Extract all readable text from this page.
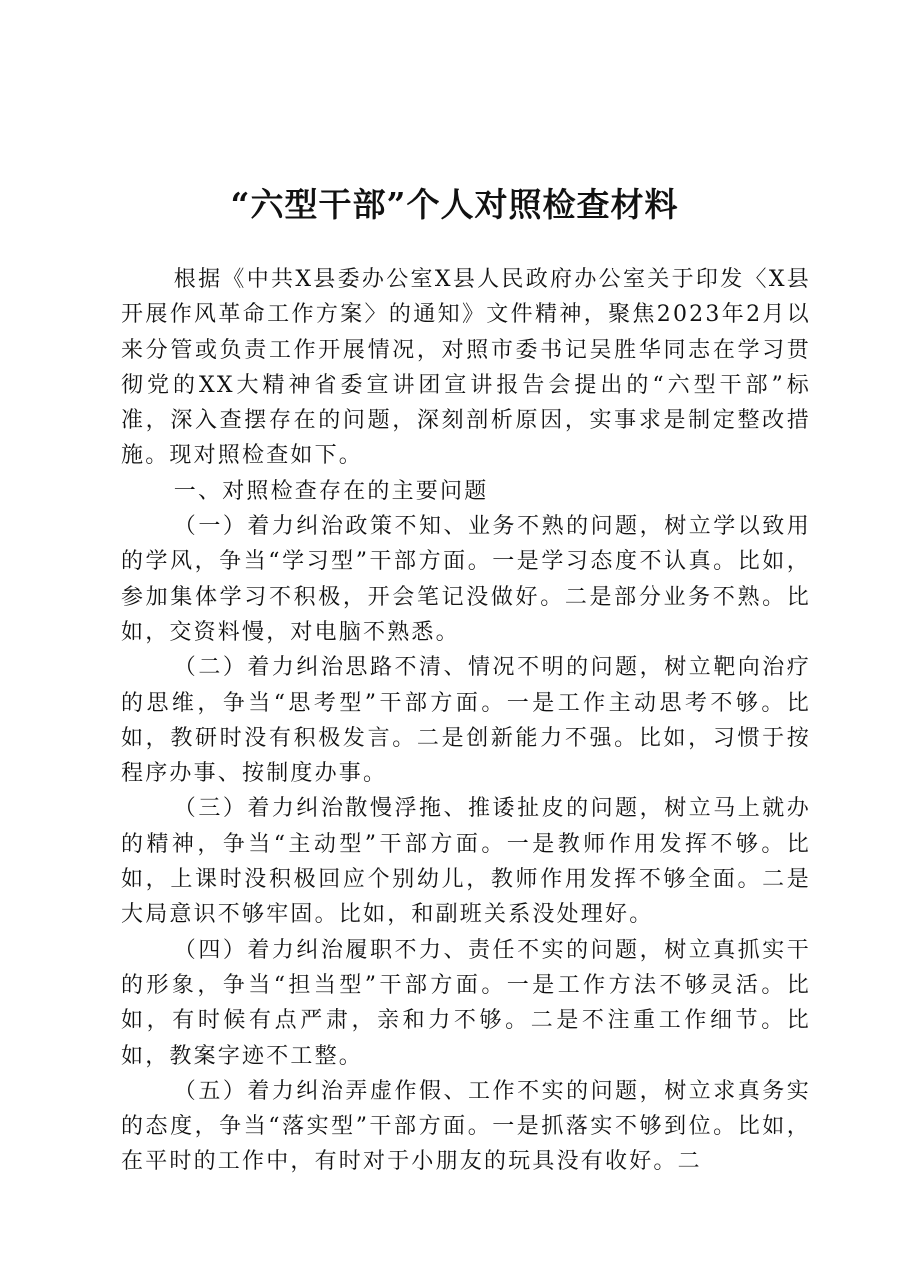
“六型干部”个人对照检查材料

根据《中共X县委办公室X县人民政府办公室关于印发〈X县开展作风革命工作方案〉的通知》文件精神，聚焦2023年2月以来分管或负责工作开展情况，对照市委书记吴胜华同志在学习贯彻党的XX大精神省委宣讲团宣讲报告会提出的“六型干部”标准，深入查摆存在的问题，深刻剖析原因，实事求是制定整改措施。现对照检查如下。

一、对照检查存在的主要问题

（一）着力纠治政策不知、业务不熟的问题，树立学以致用的学风，争当“学习型”干部方面。一是学习态度不认真。比如，参加集体学习不积极，开会笔记没做好。二是部分业务不熟。比如，交资料慢，对电脑不熟悉。

（二）着力纠治思路不清、情况不明的问题，树立靶向治疗的思维，争当“思考型”干部方面。一是工作主动思考不够。比如，教研时没有积极发言。二是创新能力不强。比如，习惯于按程序办事、按制度办事。

（三）着力纠治散慢浮拖、推诿扯皮的问题，树立马上就办的精神，争当“主动型”干部方面。一是教师作用发挥不够。比如，上课时没积极回应个别幼儿，教师作用发挥不够全面。二是大局意识不够牢固。比如，和副班关系没处理好。

（四）着力纠治履职不力、责任不实的问题，树立真抓实干的形象，争当“担当型”干部方面。一是工作方法不够灵活。比如，有时候有点严肃，亲和力不够。二是不注重工作细节。比如，教案字迹不工整。

（五）着力纠治弄虚作假、工作不实的问题，树立求真务实的态度，争当“落实型”干部方面。一是抓落实不够到位。比如，在平时的工作中，有时对于小朋友的玩具没有收好。二
